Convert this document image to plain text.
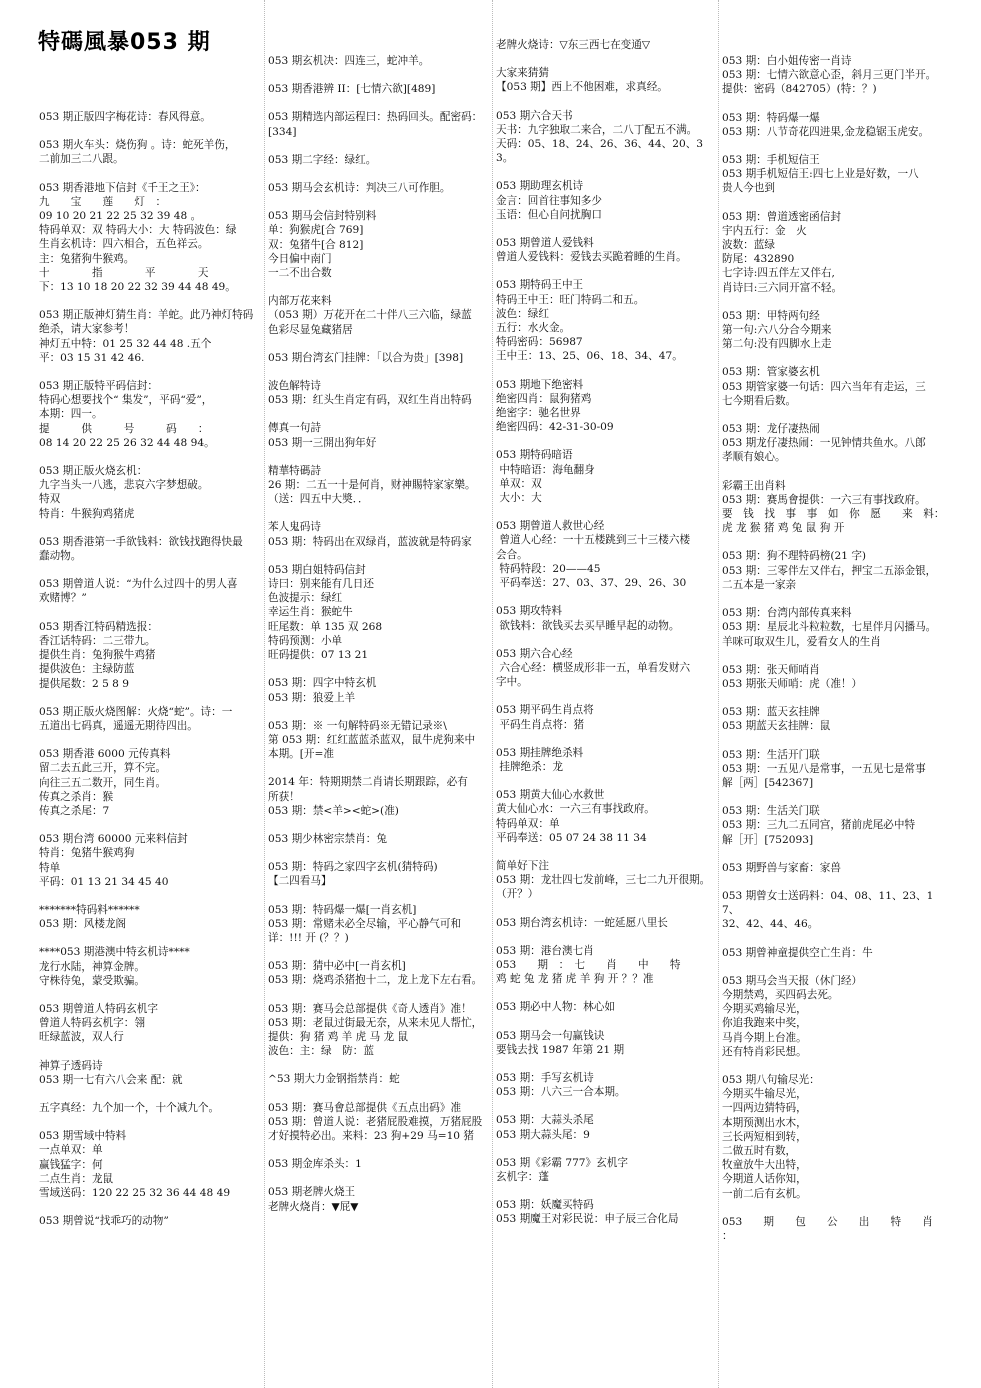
特碼風暴053 期
053 期正版四字梅花诗：春风得意。
053 期火车头：烧伤狗 。诗：蛇死羊伤，
二前加三二八跟。
053 期香港地下信封《千王之王》：
九　　宝　　莲　　灯　：
09 10 20 21 22 25 32 39 48 。
特码单双：双 特码大小：大 特码波色：绿
生肖玄机诗：四六相合，五色祥云。
主：兔猪狗牛猴鸡。
十　　　　指　　　　平　　　　天
下：13 10 18 20 22 32 39 44 48 49。
053 期正版神灯猜生肖：羊蛇。此乃神灯特码
绝杀，请大家参考！
神灯五中特：01 25 32 44 48 .五个
平：03 15 31 42 46.
053 期正版特平码信封：
特码心想要找个“ 集发”，平码“爱”，
本期：四一。
提　　　供　　　号　　　码　　：
08 14 20 22 25 26 32 44 48 94。
053 期正版火烧玄机：
九字当头一八逃，悲哀六字梦想破。
特双
特肖：牛猴狗鸡猪虎
053 期香港第一手欲钱料：欲钱找跑得快最
蠢动物。
053 期曾道人说：“为什么过四十的男人喜
欢赌博？”
053 期香江特码精选报：
香江话特码：二三带九。
提供生肖：兔狗猴牛鸡猪
提供波色：主绿防蓝
提供尾数：2 5 8 9
053 期正版火烧图解：火烧“蛇”。诗：一
五道出七码真，遥遥无期待四出。
053 期香港 6000 元传真料
留二去五此三开，算不完。
向往三五二数开，同生肖。
传真之杀肖：猴
传真之杀尾：7
053 期台湾 60000 元来料信封
特肖：兔猪牛猴鸡狗
特单
平码：01 13 21 34 45 40
*******特码料******
053 期：风楼龙阁
****053 期港澳中特玄机诗****
龙行水陆，神算金牌。
守株待兔，蒙受欺骗。
053 期曾道人特码玄机字
曾道人特码玄机字：翎
旺绿蓝波，双人行
神算子透码诗
053 期一七有六八会来 配：就
五字真经：九个加一个，十个减九个。
053 期雪域中特料
一点单双：单
赢钱猛字：何
二点生肖：龙鼠
雪域送码：120 22 25 32 36 44 48 49
053 期曾说“找乖巧的动物”
053 期玄机决：四连三，蛇冲羊。
053 期香港辨 II：[七情六欲][489]
053 期精选内部运程曰：热码回头。配密码：
[334]
053 期二字经：绿红。
053 期马会玄机诗：判决三八可作胆。
053 期马会信封特别料
单：狗猴虎[合 769]
双：兔猪牛[合 812]
今日偏中南门
一二不出合数
内部万花来料
（053 期）万花开在二十伴八三六临，绿蓝
色彩尽显兔藏猪居
053 期台湾玄门挂牌：「以合为贵」[398]
波色解特诗
053 期：红头生肖定有码，双红生肖出特码
傳真一句詩
053 期一三開出狗年好
精華特碼詩
26 期：二五一十是何肖，财神賜特家家樂。
（送：四五中大奬．．
苯人鬼码诗
053 期：特码出在双绿肖，蓝波就是特码家
053 期白姐特码信封
诗曰：别来能有几日还
色波提示：绿红
幸运生肖：猴蛇牛
旺尾数：单 135 双 268
特码预测：小单
旺码提供：07 13 21
053 期：四字中特玄机
053 期：狼爱上羊
053 期：※ 一句解特码※无错记录※\
第 053 期：红红蓝蓝杀蓝双，鼠牛虎狗来中
本期。[开=准
2014 年：特期期禁二肖请长期跟踪，必有
所获！
053 期：禁<羊><蛇>(准)
053 期少林密宗禁肖：兔
053 期：特码之家四字玄机(猜特码)
【二四看马】
053 期：特码爆一爆[一肖玄机]
053 期：常赌未必全尽输，平心静气可和
详：!!! 开 (？？)
053 期：猜中必中[一肖玄机]
053 期：烧鸡杀猪抱十二，龙上龙下左右看。
053 期：赛马会总部提供《奇人透肖》准！
053 期：老鼠过街最无奈，从来未见人帮忙，
提供：狗 猪 鸡 羊 虎 马 龙 鼠
波色：主：绿　防：蓝
^53 期大力金钢指禁肖：蛇
053 期：赛马會总部提供《五点出码》准
053 期：曾道人说：老猪屁股难摸，万猪屁股
才好摸特必出。来料：23 狗+29 马=10 猪
053 期金库杀头：1
053 期老牌火烧王
老牌火烧肖：▼屁▼
老牌火烧诗：▽东三西七在变通▽
大家来猜猜
【053 期】西上不他困难，求真经。
053 期六合天书
天书：九字独取二来合，二八丁配五不满。
天码：05、18、24、26、36、44、20、33。
053 期助理玄机诗
金言：回首往事知多少
玉语：但心自问扰胸口
053 期曾道人爱钱料
曾道人爱钱料：爱钱去买跪着睡的生肖。
053 期特码王中王
特码王中王：旺门特码二和五。
波色：绿红
五行：水火金。
特码密码：56987
王中王：13、25、06、18、34、47。
053 期地下绝密料
绝密四肖：鼠狗猪鸡
绝密字：驰名世界
绝密四码：42-31-30-09
053 期特码暗语
中特暗语：海龟翻身
单双：双
大小：大
053 期曾道人救世心经
曾道人心经：一十五楼跳到三十三楼六楼
会合。
特码特段：20——45
平码奉送：27、03、37、29、26、30
053 期攻特料
欲钱料：欲钱买去买早睡早起的动物。
053 期六合心经
六合心经：横竖成形非一五，单看发财六
字中。
053 期平码生肖点将
平码生肖点将：猪
053 期挂牌绝杀料
挂牌绝杀：龙
053 期黄大仙心水救世
黄大仙心水：一六三有事找政府。
特码单双：单
平码奉送：05 07 24 38 11 34
简单好下注
053 期：龙壮四七发前峰，三七二九开很期。
（开？）
053 期台湾玄机诗：一蛇延愿八里长
053 期：港台澳七肖
053　　期　：　七　　肖　　中　　特
鸡 蛇 兔 龙 猪 虎 羊 狗 开 ？？准
053 期必中人物：林心如
053 期马会一句赢钱诀
要钱去找 1987 年第 21 期
053 期：手写玄机诗
053 期：八六三一合本期。
053 期：大蒜头杀尾
053 期大蒜头尾：9
053 期《彩霸 777》玄机字
玄机字：蓬
053 期：妖魔买特码
053 期魔王对彩民说：申子辰三合化局
053 期：白小姐传密一肖诗
053 期：七情六欲意心歪，斜月三更门半开。
提供：密码（842705）(特：？)
053 期：特码爆一爆
053 期：八节奇花四进果,金龙稳锯玉虎安。
053 期：手机短信王
053 期手机短信王:四七上业是好数，一八
贵人今也到
053 期：曾道透密函信封
宇内五行：金　火
波数：蓝绿
防尾：432890
七字诗:四五伴左又伴右,
肖诗曰:三六同开富不轻。
053 期：甲特两句经
第一句:六八分合今期来
第二句:没有四脚水上走
053 期：管家婆玄机
053 期管家婆一句话：四六当年有走运，三
七今期看后数。
053 期：龙仔凄热闹
053 期龙仔凄热闹：一见钟情共鱼水。八郎
孝顺有娘心。
彩霸王出肖料
053 期：赛馬會提供：一六三有事找政府。
要　钱　找　事　事　如　你　愿　　来　料：
虎 龙 猴 猪 鸡 兔 鼠 狗 开
053 期：狗不理特码榜(21 字)
053 期：三零伴左又伴右，押宝二五添金银，
二五本是一家亲
053 期：台湾内部传真来料
053 期：星辰北斗粒粒数，七星伴月闪播马。
羊咪可取双生儿，爱看女人的生肖
053 期：张天师哨肖
053 期张天师哨：虎（准！）
053 期：蓝天玄挂牌
053 期蓝天玄挂牌：鼠
053 期：生活开门联
053 期：一五见八是常事，一五见七是常事
解［两］[542367]
053 期：生活关门联
053 期：三九二五同宫，猪前虎尾必中特
解［开］[752093]
053 期野兽与家畜：家兽
053 期曾女士送码料：04、08、11、23、17、
32、42、44、46。
053 期曾神童提供空亡生肖：牛
053 期马会当天报（休门经）
今期禁鸡，买四码去死。
今期买鸡输尽光，
你追我跑来中奖，
马肖今期上台准。
还有特肖彩民想。
053 期八句输尽光：
今期买牛输尽光，
一四两边猜特码，
本期预测出水木，
三长两短相到转，
二做五时有数，
牧童放牛大出特，
今期道人话你知，
一前二后有玄机。
053　　期　　包　　公　　出　　特　　肖　　：
